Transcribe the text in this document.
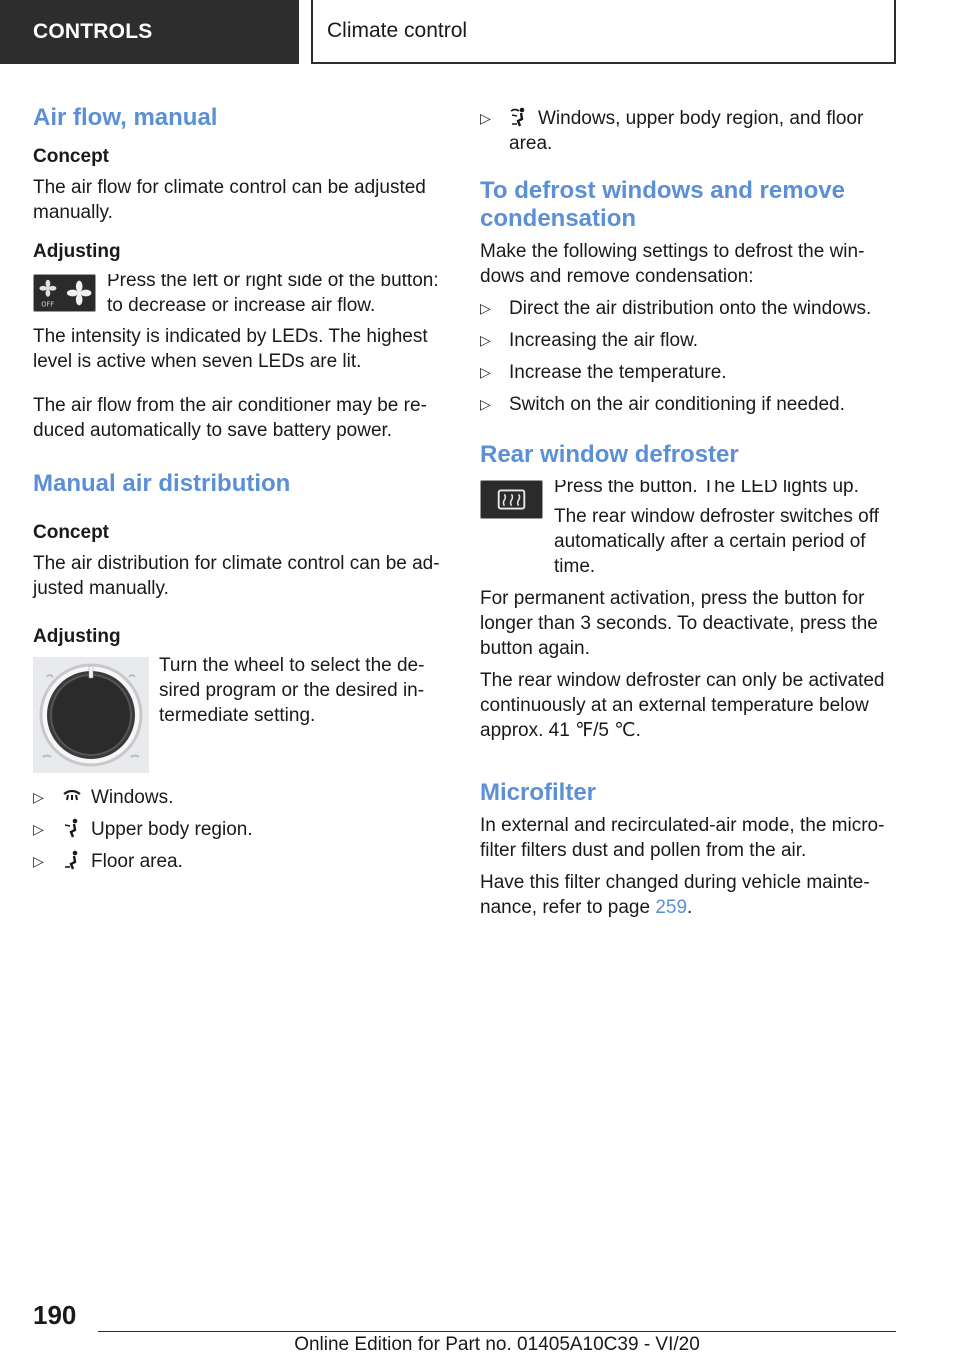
CONTROLS	Climate control
Air flow, manual
Concept
The air flow for climate control can be adjusted manually.
Adjusting
OFF
Press the left or right side of the button: to decrease or increase air flow.
The intensity is indicated by LEDs. The highest level is active when seven LEDs are lit.
The air flow from the air conditioner may be reduced automatically to save battery power.
Manual air distribution
Concept
The air distribution for climate control can be adjusted manually.
Adjusting
Turn the wheel to select the desired program or the desired intermediate setting.
▷ Windows.
▷ Upper body region.
▷ Floor area.
▷ Windows, upper body region, and floor area.
To defrost windows and remove condensation
Make the following settings to defrost the windows and remove condensation:
▷ Direct the air distribution onto the windows.
▷ Increasing the air flow.
▷ Increase the temperature.
▷ Switch on the air conditioning if needed.
Rear window defroster
Press the button. The LED lights up.
The rear window defroster switches off automatically after a certain period of time.
For permanent activation, press the button for longer than 3 seconds. To deactivate, press the button again.
The rear window defroster can only be activated continuously at an external temperature below approx. 41 ℉/5 ℃.
Microfilter
In external and recirculated-air mode, the microfilter filters dust and pollen from the air.
Have this filter changed during vehicle maintenance, refer to page 259.
190
Online Edition for Part no. 01405A10C39 - VI/20
